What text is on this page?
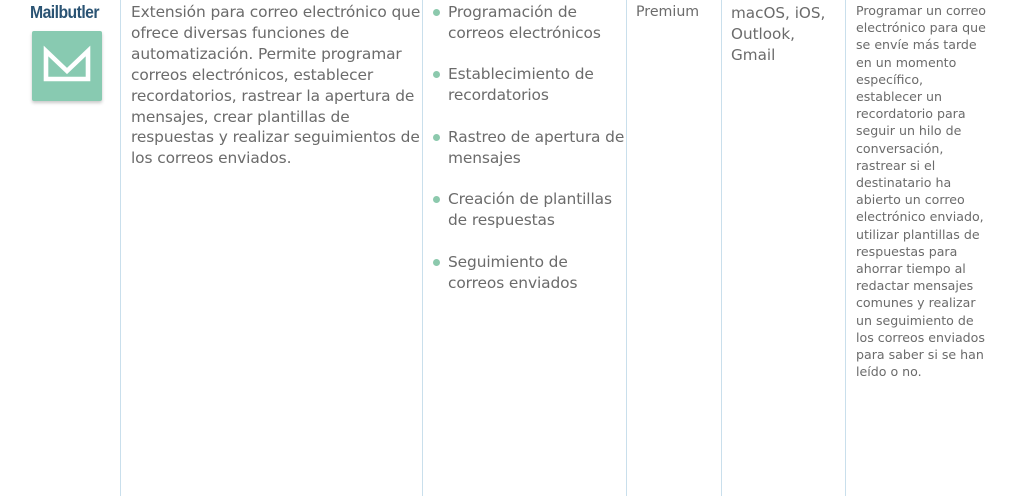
Mailbutler Extensión para correo electrónico que ofrece diversas funciones de automatización. Permite programar correos electrónicos, establecer recordatorios, rastrear la apertura de mensajes, crear plantillas de respuestas y realizar seguimientos de los correos enviados.
Programación de correos electrónicos
Establecimiento de recordatorios
Rastreo de apertura de mensajes
Creación de plantillas de respuestas
Seguimiento de correos enviados
Premium macOS, iOS, Outlook, Gmail
Programar un correo electrónico para que se envíe más tarde en un momento específico, establecer un recordatorio para seguir un hilo de conversación, rastrear si el destinatario ha abierto un correo electrónico enviado, utilizar plantillas de respuestas para ahorrar tiempo al redactar mensajes comunes y realizar un seguimiento de los correos enviados para saber si se han leído o no.
